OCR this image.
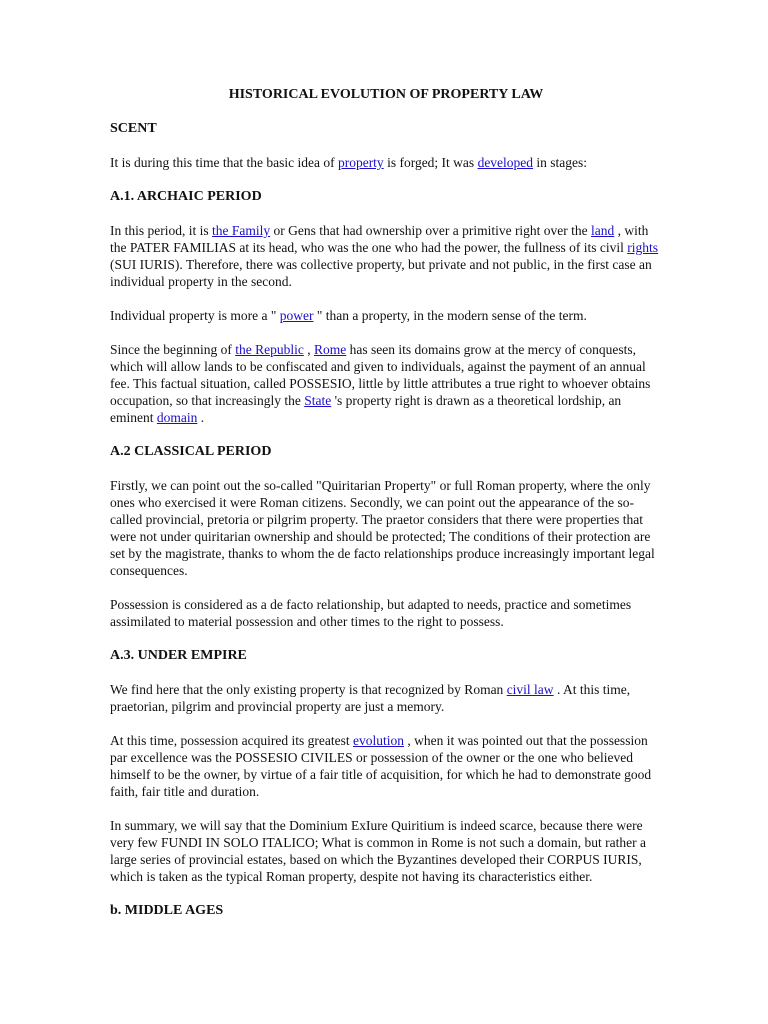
HISTORICAL EVOLUTION OF PROPERTY LAW
SCENT

It is during this time that the basic idea of property is forged; It was developed in stages:

A.1. ARCHAIC PERIOD

In this period, it is the Family or Gens that had ownership over a primitive right over the land , with the PATER FAMILIAS at its head, who was the one who had the power, the fullness of its civil rights (SUI IURIS). Therefore, there was collective property, but private and not public, in the first case an individual property in the second.

Individual property is more a " power " than a property, in the modern sense of the term.

Since the beginning of the Republic , Rome has seen its domains grow at the mercy of conquests, which will allow lands to be confiscated and given to individuals, against the payment of an annual fee. This factual situation, called POSSESIO, little by little attributes a true right to whoever obtains occupation, so that increasingly the State 's property right is drawn as a theoretical lordship, an eminent domain .

A.2 CLASSICAL PERIOD

Firstly, we can point out the so-called "Quiritarian Property" or full Roman property, where the only ones who exercised it were Roman citizens. Secondly, we can point out the appearance of the so-called provincial, pretoria or pilgrim property. The praetor considers that there were properties that were not under quiritarian ownership and should be protected; The conditions of their protection are set by the magistrate, thanks to whom the de facto relationships produce increasingly important legal consequences.

Possession is considered as a de facto relationship, but adapted to needs, practice and sometimes assimilated to material possession and other times to the right to possess.

A.3. UNDER EMPIRE

We find here that the only existing property is that recognized by Roman civil law . At this time, praetorian, pilgrim and provincial property are just a memory.

At this time, possession acquired its greatest evolution , when it was pointed out that the possession par excellence was the POSSESIO CIVILES or possession of the owner or the one who believed himself to be the owner, by virtue of a fair title of acquisition, for which he had to demonstrate good faith, fair title and duration.

In summary, we will say that the Dominium ExIure Quiritium is indeed scarce, because there were very few FUNDI IN SOLO ITALICO; What is common in Rome is not such a domain, but rather a large series of provincial estates, based on which the Byzantines developed their CORPUS IURIS, which is taken as the typical Roman property, despite not having its characteristics either.

b. MIDDLE AGES
